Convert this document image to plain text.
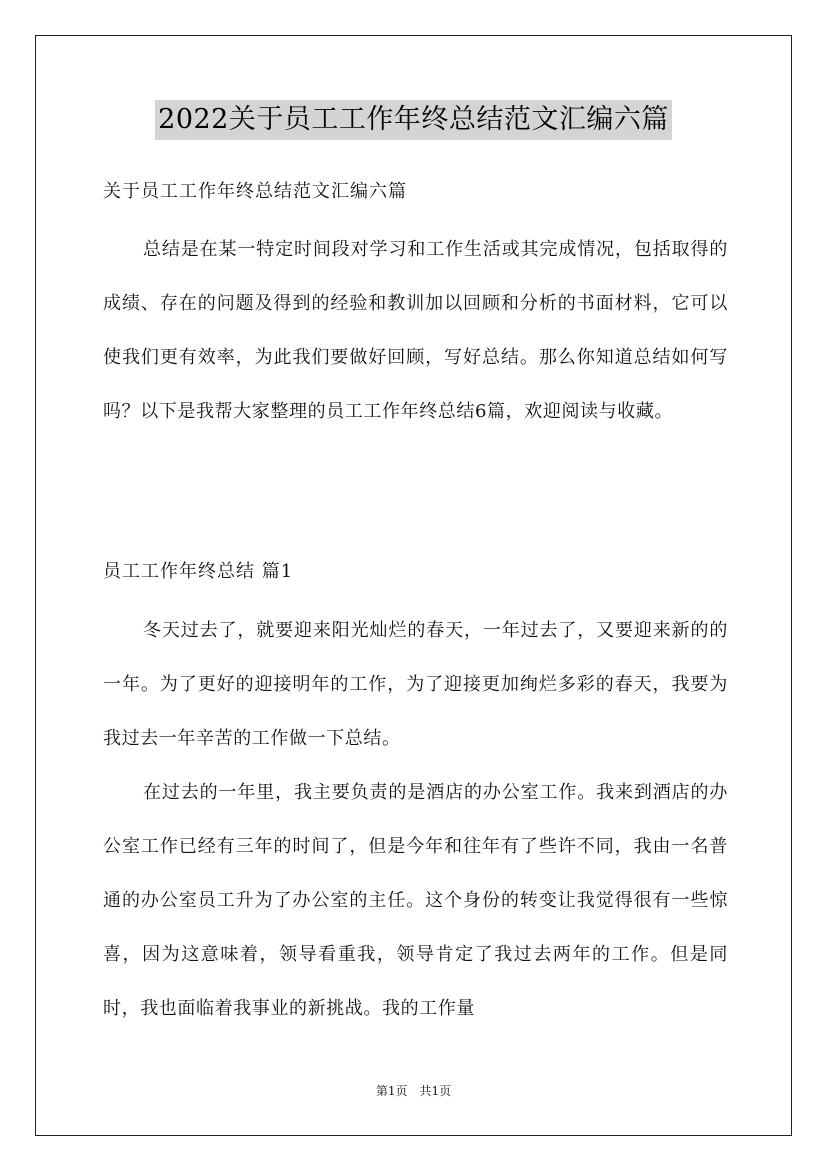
2022关于员工工作年终总结范文汇编六篇
关于员工工作年终总结范文汇编六篇

总结是在某一特定时间段对学习和工作生活或其完成情况，包括取得的成绩、存在的问题及得到的经验和教训加以回顾和分析的书面材料，它可以使我们更有效率，为此我们要做好回顾，写好总结。那么你知道总结如何写吗？以下是我帮大家整理的员工工作年终总结6篇，欢迎阅读与收藏。

员工工作年终总结 篇1

冬天过去了，就要迎来阳光灿烂的春天，一年过去了，又要迎来新的的一年。为了更好的迎接明年的工作，为了迎接更加绚烂多彩的春天，我要为我过去一年辛苦的工作做一下总结。

在过去的一年里，我主要负责的是酒店的办公室工作。我来到酒店的办公室工作已经有三年的时间了，但是今年和往年有了些许不同，我由一名普通的办公室员工升为了办公室的主任。这个身份的转变让我觉得很有一些惊喜，因为这意味着，领导看重我，领导肯定了我过去两年的工作。但是同时，我也面临着我事业的新挑战。我的工作量

第1页 共1页
